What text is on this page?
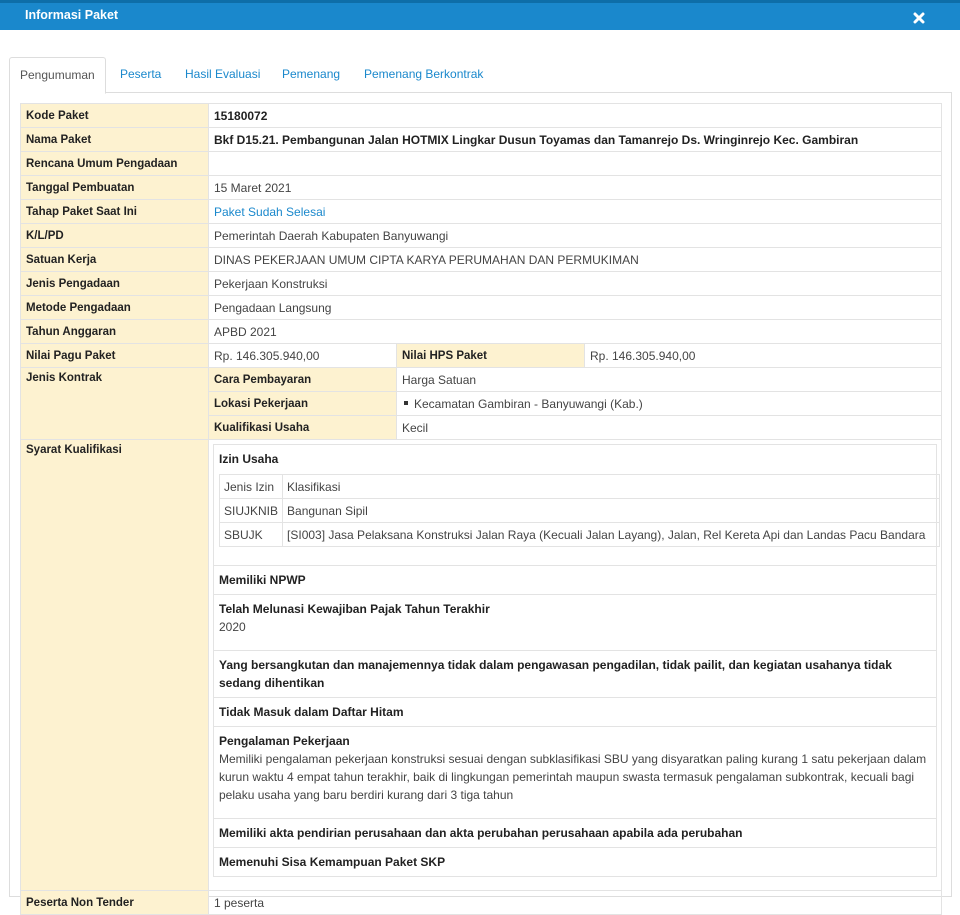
Informasi Paket
Pengumuman	Peserta Hasil Evaluasi Pemenang Pemenang Berkontrak
Kode Paket	15180072
Nama Paket	Bkf D15.21. Pembangunan Jalan HOTMIX Lingkar Dusun Toyamas dan Tamanrejo Ds. Wringinrejo Kec. Gambiran
Rencana Umum Pengadaan	
Tanggal Pembuatan	15 Maret 2021
Tahap Paket Saat Ini	Paket Sudah Selesai
K/L/PD	Pemerintah Daerah Kabupaten Banyuwangi
Satuan Kerja	DINAS PEKERJAAN UMUM CIPTA KARYA PERUMAHAN DAN PERMUKIMAN
Jenis Pengadaan	Pekerjaan Konstruksi
Metode Pengadaan	Pengadaan Langsung
Tahun Anggaran	APBD 2021
Nilai Pagu Paket	Rp. 146.305.940,00	Nilai HPS Paket	Rp. 146.305.940,00
Jenis Kontrak	Cara Pembayaran	Harga Satuan
Lokasi Pekerjaan	Kecamatan Gambiran - Banyuwangi (Kab.)
Kualifikasi Usaha	Kecil
Syarat Kualifikasi	
Izin Usaha
Jenis Izin	Klasifikasi
SIUJKNIB	Bangunan Sipil
SBUJK	[SI003] Jasa Pelaksana Konstruksi Jalan Raya (Kecuali Jalan Layang), Jalan, Rel Kereta Api dan Landas Pacu Bandara
Memiliki NPWP
Telah Melunasi Kewajiban Pajak Tahun Terakhir
2020
Yang bersangkutan dan manajemennya tidak dalam pengawasan pengadilan, tidak pailit, dan kegiatan usahanya tidak sedang dihentikan
Tidak Masuk dalam Daftar Hitam
Pengalaman Pekerjaan
Memiliki pengalaman pekerjaan konstruksi sesuai dengan subklasifikasi SBU yang disyaratkan paling kurang 1 satu pekerjaan dalam kurun waktu 4 empat tahun terakhir, baik di lingkungan pemerintah maupun swasta termasuk pengalaman subkontrak, kecuali bagi pelaku usaha yang baru berdiri kurang dari 3 tiga tahun
Memiliki akta pendirian perusahaan dan akta perubahan perusahaan apabila ada perubahan
Memenuhi Sisa Kemampuan Paket SKP

Peserta Non Tender	1 peserta
